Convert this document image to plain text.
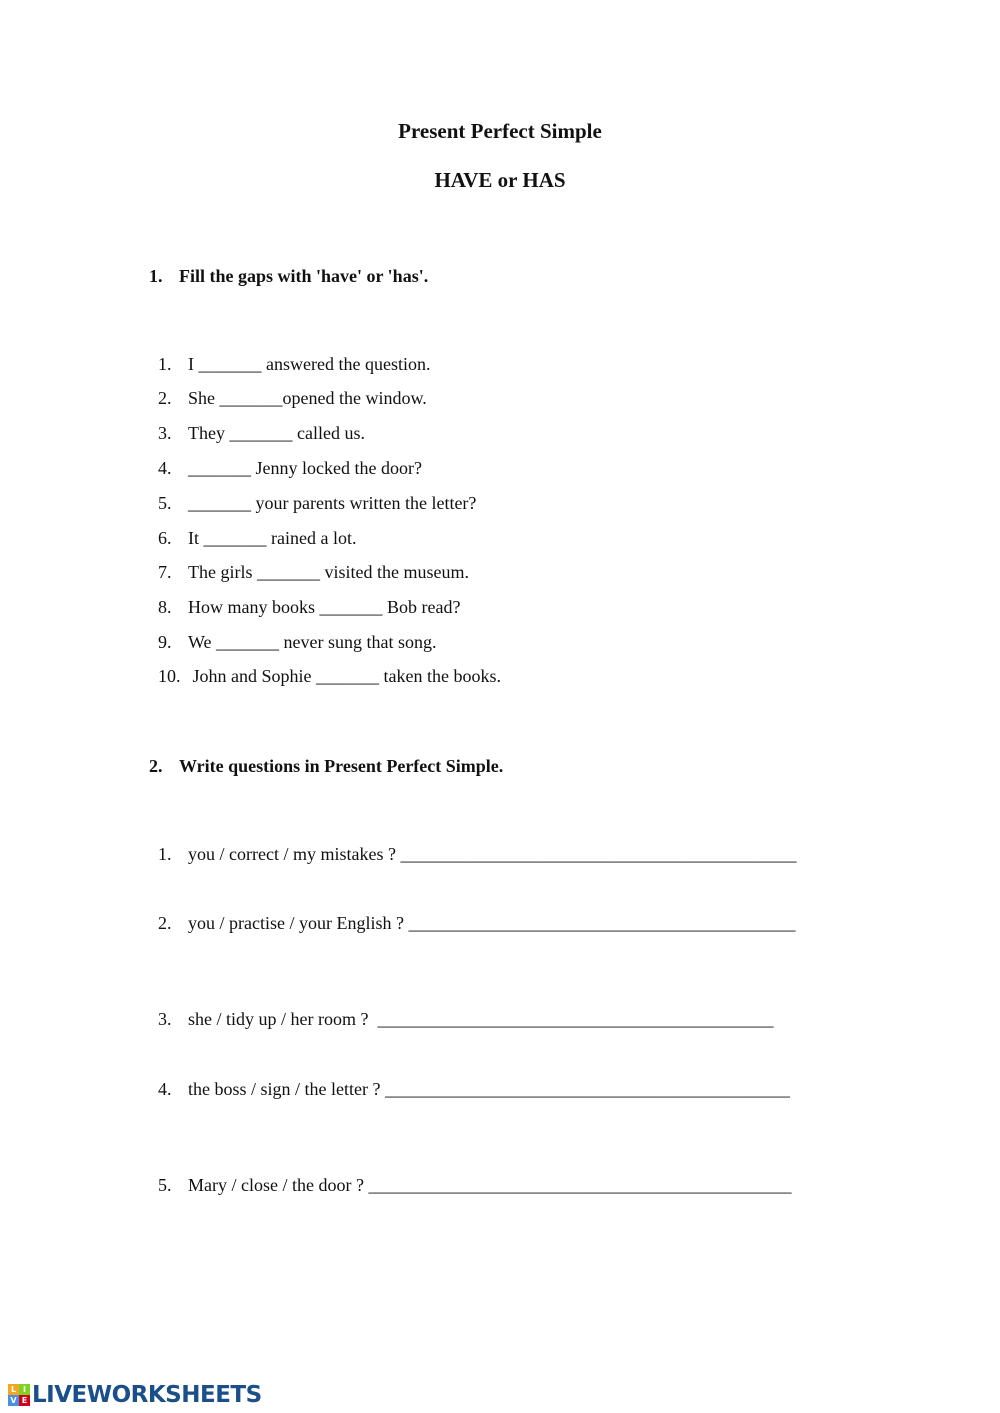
Present Perfect Simple
HAVE or HAS
1. Fill the gaps with 'have' or 'has'.

1. I _______ answered the question.

2. She _______opened the window.

3. They _______ called us.

4. _______ Jenny locked the door?

5. _______ your parents written the letter?

6. It _______ rained a lot.

7. The girls _______ visited the museum.

8. How many books _______ Bob read?

9. We _______ never sung that song.

10. John and Sophie _______ taken the books.

2. Write questions in Present Perfect Simple.

1. you / correct / my mistakes ? ____________________________________________

2. you / practise / your English ? ___________________________________________

3. she / tidy up / her room ?  ____________________________________________

4. the boss / sign / the letter ? _____________________________________________

5. Mary / close / the door ? _______________________________________________

L I
V E LIVEWORKSHEETS
